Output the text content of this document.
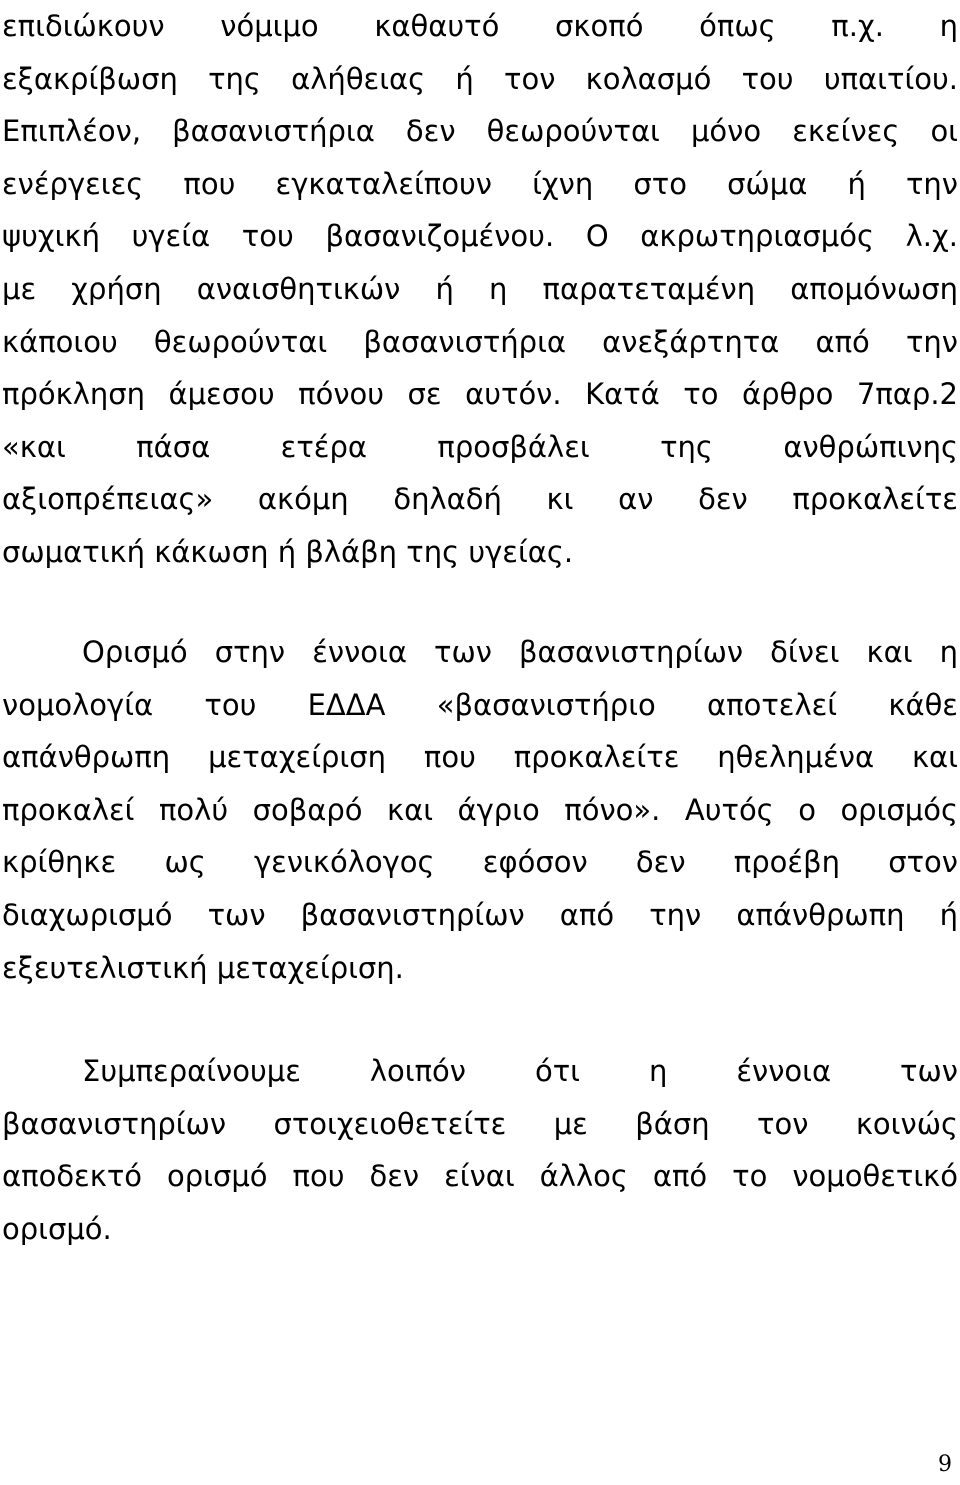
επιδιώκουν νόμιμο καθαυτό σκοπό όπως π.χ. η
εξακρίβωση της αλήθειας ή τον κολασμό του υπαιτίου.
Επιπλέον, βασανιστήρια δεν θεωρούνται μόνο εκείνες οι
ενέργειες που εγκαταλείπουν ίχνη στο σώμα ή την
ψυχική υγεία του βασανιζομένου. Ο ακρωτηριασμός λ.χ.
με χρήση αναισθητικών ή η παρατεταμένη απομόνωση
κάποιου θεωρούνται βασανιστήρια ανεξάρτητα από την
πρόκληση άμεσου πόνου σε αυτόν. Κατά το άρθρο 7παρ.2
«και πάσα ετέρα προσβάλει της ανθρώπινης
αξιοπρέπειας» ακόμη δηλαδή κι αν δεν προκαλείτε
σωματική κάκωση ή βλάβη της υγείας.
Ορισμό στην έννοια των βασανιστηρίων δίνει και η
νομολογία του ΕΔΔΑ «βασανιστήριο αποτελεί κάθε
απάνθρωπη μεταχείριση που προκαλείτε ηθελημένα και
προκαλεί πολύ σοβαρό και άγριο πόνο». Αυτός ο ορισμός
κρίθηκε ως γενικόλογος εφόσον δεν προέβη στον
διαχωρισμό των βασανιστηρίων από την απάνθρωπη ή
εξευτελιστική μεταχείριση.
Συμπεραίνουμε λοιπόν ότι η έννοια των
βασανιστηρίων στοιχειοθετείτε με βάση τον κοινώς
αποδεκτό ορισμό που δεν είναι άλλος από το νομοθετικό
ορισμό.
9
